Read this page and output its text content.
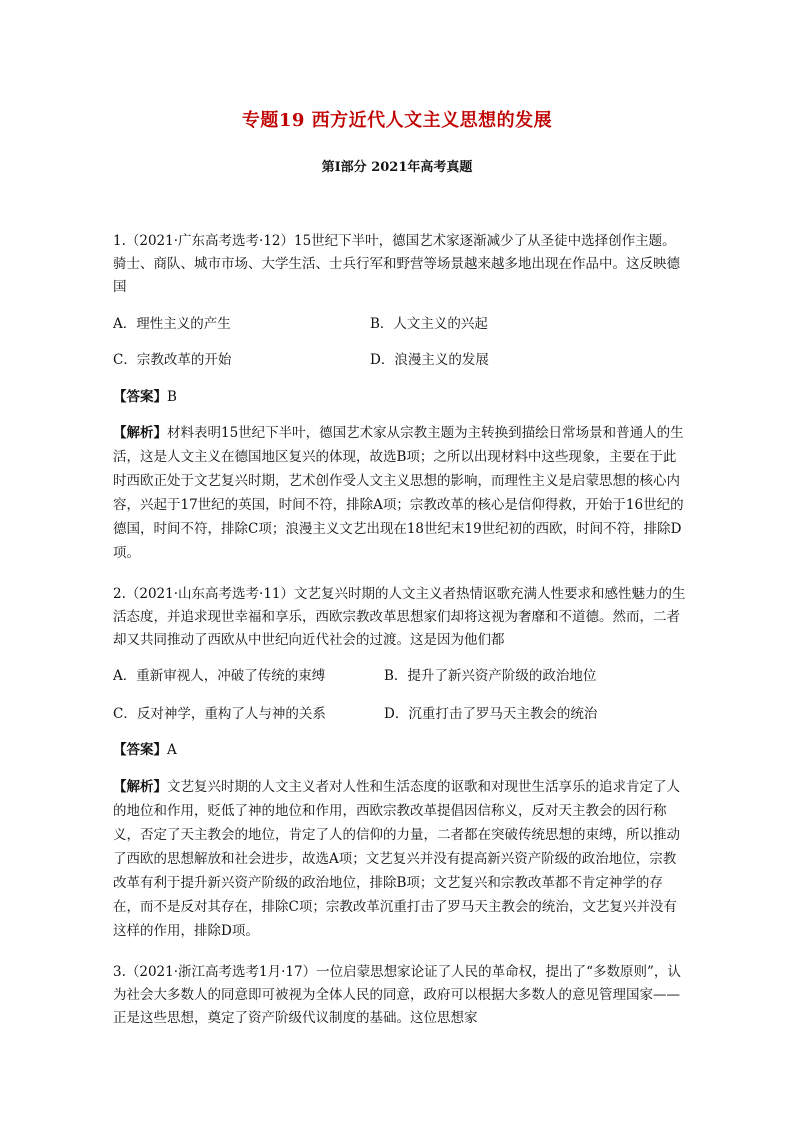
专题19 西方近代人文主义思想的发展
第Ⅰ部分 2021年高考真题
1.（2021·广东高考选考·12）15世纪下半叶，德国艺术家逐渐减少了从圣徒中选择创作主题。骑士、商队、城市市场、大学生活、士兵行军和野营等场景越来越多地出现在作品中。这反映德国
A．理性主义的产生	B．人文主义的兴起
C．宗教改革的开始	D．浪漫主义的发展
【答案】B
【解析】材料表明15世纪下半叶，德国艺术家从宗教主题为主转换到描绘日常场景和普通人的生活，这是人文主义在德国地区复兴的体现，故选B项；之所以出现材料中这些现象，主要在于此时西欧正处于文艺复兴时期，艺术创作受人文主义思想的影响，而理性主义是启蒙思想的核心内容，兴起于17世纪的英国，时间不符，排除A项；宗教改革的核心是信仰得救，开始于16世纪的德国，时间不符，排除C项；浪漫主义文艺出现在18世纪末19世纪初的西欧，时间不符，排除D项。
2.（2021·山东高考选考·11）文艺复兴时期的人文主义者热情讴歌充满人性要求和感性魅力的生活态度，并追求现世幸福和享乐，西欧宗教改革思想家们却将这视为奢靡和不道德。然而，二者却又共同推动了西欧从中世纪向近代社会的过渡。这是因为他们都
A．重新审视人，冲破了传统的束缚	B．提升了新兴资产阶级的政治地位
C．反对神学，重构了人与神的关系	D．沉重打击了罗马天主教会的统治
【答案】A
【解析】文艺复兴时期的人文主义者对人性和生活态度的讴歌和对现世生活享乐的追求肯定了人的地位和作用，贬低了神的地位和作用，西欧宗教改革提倡因信称义，反对天主教会的因行称义，否定了天主教会的地位，肯定了人的信仰的力量，二者都在突破传统思想的束缚，所以推动了西欧的思想解放和社会进步，故选A项；文艺复兴并没有提高新兴资产阶级的政治地位，宗教改革有利于提升新兴资产阶级的政治地位，排除B项；文艺复兴和宗教改革都不肯定神学的存在，而不是反对其存在，排除C项；宗教改革沉重打击了罗马天主教会的统治，文艺复兴并没有这样的作用，排除D项。
3.（2021·浙江高考选考1月·17）一位启蒙思想家论证了人民的革命权，提出了“多数原则”，认为社会大多数人的同意即可被视为全体人民的同意，政府可以根据大多数人的意见管理国家——正是这些思想，奠定了资产阶级代议制度的基础。这位思想家
